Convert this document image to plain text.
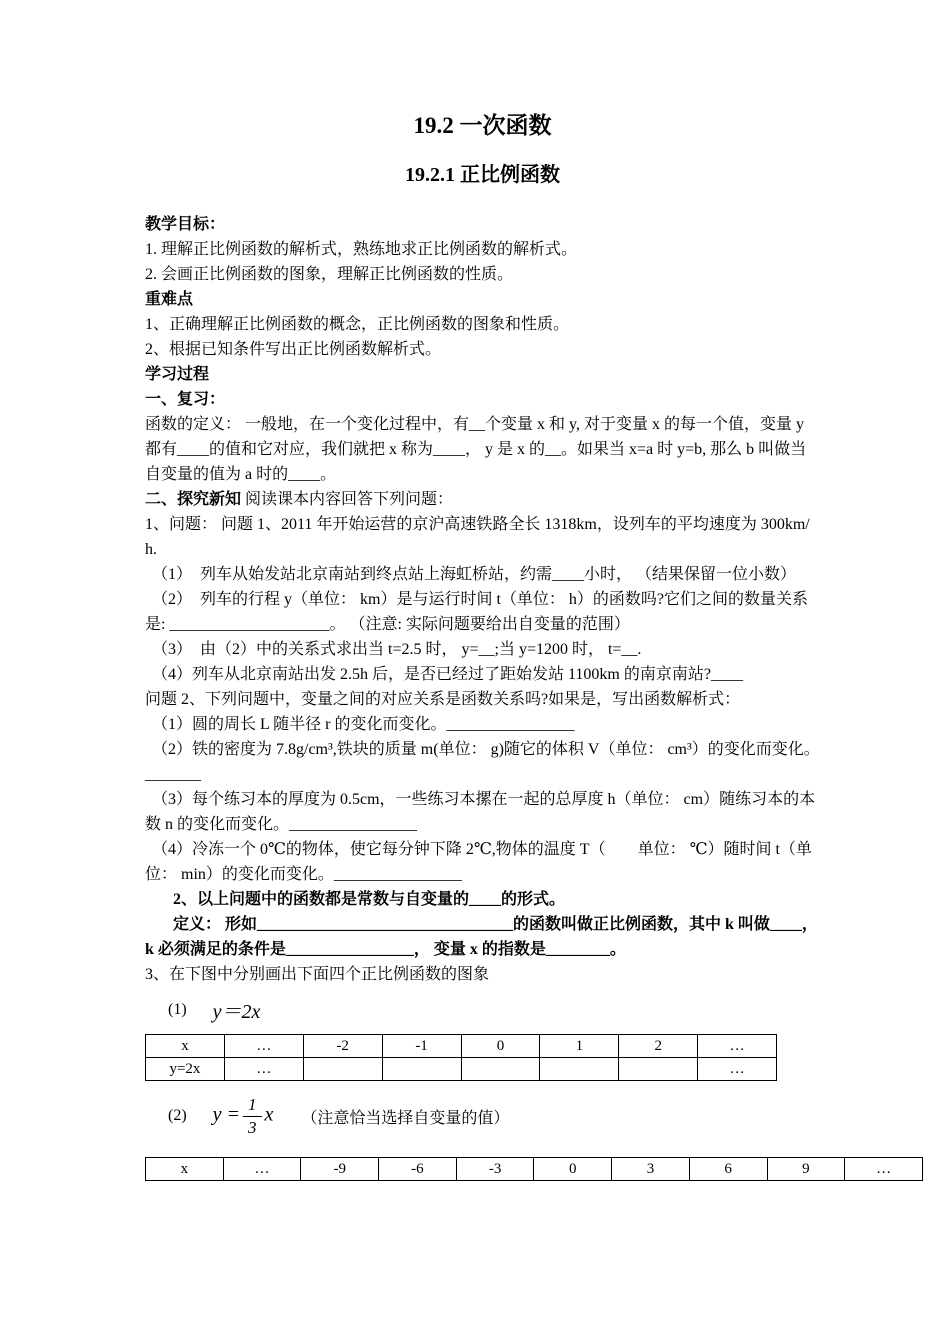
19.2 一次函数

19.2.1 正比例函数

教学目标：

1. 理解正比例函数的解析式，熟练地求正比例函数的解析式。

2. 会画正比例函数的图象，理解正比例函数的性质。

重难点

1、正确理解正比例函数的概念，正比例函数的图象和性质。

2、根据已知条件写出正比例函数解析式。

学习过程

一、复习：

函数的定义： 一般地，在一个变化过程中，有__个变量 x 和 y, 对于变量 x 的每一个值，变量 y 都有____的值和它对应，我们就把 x 称为____， y 是 x 的__。如果当 x=a 时 y=b, 那么 b 叫做当自变量的值为 a 时的____。

二、探究新知 阅读课本内容回答下列问题：

1、问题： 问题 1、2011 年开始运营的京沪高速铁路全长 1318km，设列车的平均速度为 300km/h.

（1）　列车从始发站北京南站到终点站上海虹桥站，约需____小时， （结果保留一位小数）

（2）　列车的行程 y（单位： km）是与运行时间 t（单位： h）的函数吗?它们之间的数量关系是: ____________________。 （注意: 实际问题要给出自变量的范围）

（3）　由（2）中的关系式求出当 t=2.5 时， y=__;当 y=1200 时， t=__.

（4）列车从北京南站出发 2.5h 后，是否已经过了距始发站 1100km 的南京南站?____

问题 2、下列问题中，变量之间的对应关系是函数关系吗?如果是，写出函数解析式：

（1）圆的周长 L 随半径 r 的变化而变化。________________

（2）铁的密度为 7.8g/cm³,铁块的质量 m(单位： g)随它的体积 V（单位： cm³）的变化而变化。_______

（3）每个练习本的厚度为 0.5cm，一些练习本摞在一起的总厚度 h（单位： cm）随练习本的本数 n 的变化而变化。________________

（4）冷冻一个 0℃的物体，使它每分钟下降 2℃,物体的温度 T（　　单位： ℃）随时间 t（单位： min）的变化而变化。________________

2、以上问题中的函数都是常数与自变量的____的形式。

定义： 形如________________________________的函数叫做正比例函数，其中 k 叫做____， k 必须满足的条件是________________， 变量 x 的指数是________。

3、在下图中分别画出下面四个正比例函数的图象

(1) y＝2x
x	…	-2	-1	0	1	2	…
y=2x	…						…
(2) $y = \frac{1}{3}$ x （注意恰当选择自变量的值）
x	…	-9	-6	-3	0	3	6	9	…
